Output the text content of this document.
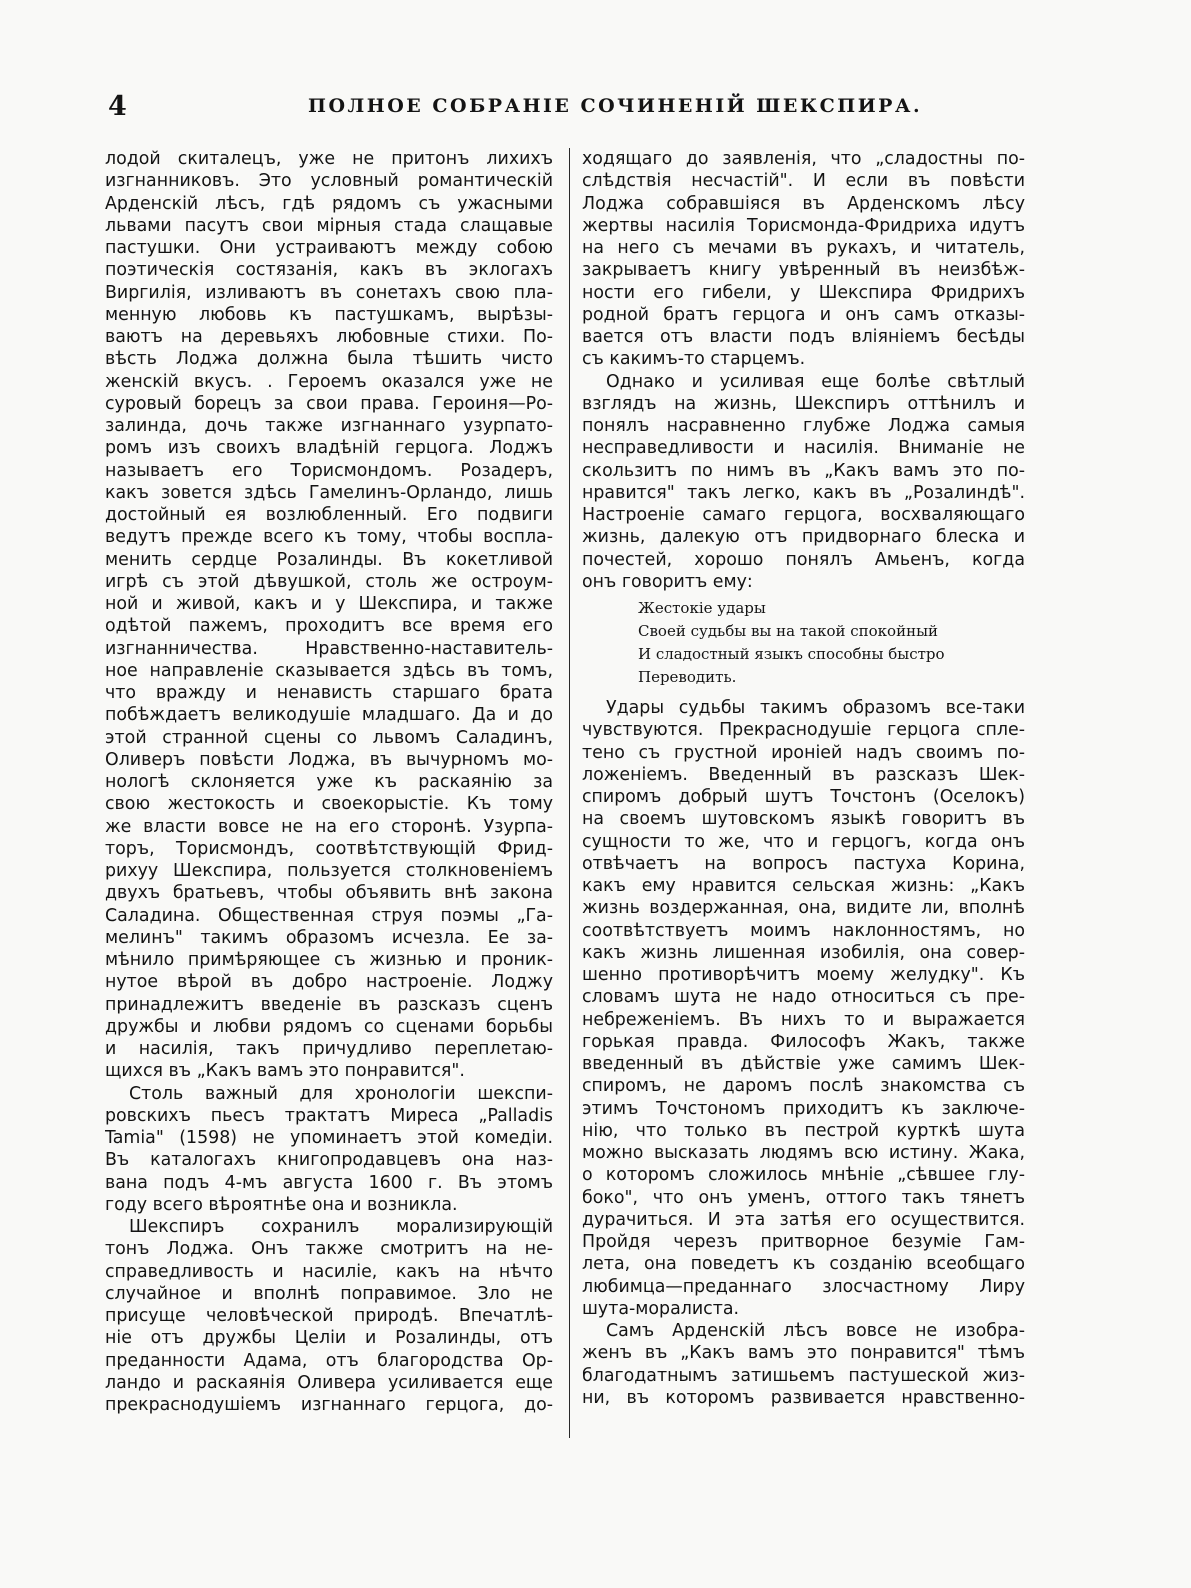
4	ПОЛНОЕ СОБРАНІЕ СОЧИНЕНІЙ ШЕКСПИРА.
лодой скиталецъ, уже не притонъ лихихъ
изгнанниковъ. Это условный романтическій
Арденскій лѣсъ, гдѣ рядомъ съ ужасными
львами пасутъ свои мірныя стада слащавые
пастушки. Они устраиваютъ между собою
поэтическія состязанія, какъ въ эклогахъ
Виргилія, изливаютъ въ сонетахъ свою пла-
менную любовь къ пастушкамъ, вырѣзы-
ваютъ на деревьяхъ любовные стихи. По-
вѣсть Лоджа должна была тѣшить чисто
женскій вкусъ. . Героемъ оказался уже не
суровый борецъ за свои права. Героиня—Ро-
залинда, дочь также изгнаннаго узурпато-
ромъ изъ своихъ владѣній герцога. Лоджъ
называетъ его Торисмондомъ. Розадеръ,
какъ зовется здѣсь Гамелинъ-Орландо, лишь
достойный ея возлюбленный. Его подвиги
ведутъ прежде всего къ тому, чтобы воспла-
менить сердце Розалинды. Въ кокетливой
игрѣ съ этой дѣвушкой, столь же остроум-
ной и живой, какъ и у Шекспира, и также
одѣтой пажемъ, проходитъ все время его
изгнанничества. Нравственно-наставитель-
ное направленіе сказывается здѣсь въ томъ,
что вражду и ненависть старшаго брата
побѣждаетъ великодушіе младшаго. Да и до
этой странной сцены со львомъ Саладинъ,
Оливеръ повѣсти Лоджа, въ вычурномъ мо-
нологѣ склоняется уже къ раскаянію за
свою жестокость и своекорыстіе. Къ тому
же власти вовсе не на его сторонѣ. Узурпа-
торъ, Торисмондъ, соотвѣтствующій Фрид-
рихуу Шекспира, пользуется столкновеніемъ
двухъ братьевъ, чтобы объявить внѣ закона
Саладина. Общественная струя поэмы „Га-
мелинъ" такимъ образомъ исчезла. Ее за-
мѣнило примѣряющее съ жизнью и проник-
нутое вѣрой въ добро настроеніе. Лоджу
принадлежитъ введеніе въ разсказъ сценъ
дружбы и любви рядомъ со сценами борьбы
и насилія, такъ причудливо переплетаю-
щихся въ „Какъ вамъ это понравится".
Столь важный для хронологіи шекспи-
ровскихъ пьесъ трактатъ Миреса „Palladis
Tamia" (1598) не упоминаетъ этой комедіи.
Въ каталогахъ книгопродавцевъ она наз-
вана подъ 4-мъ августа 1600 г. Въ этомъ
году всего вѣроятнѣе она и возникла.
Шекспиръ сохранилъ морализирующій
тонъ Лоджа. Онъ также смотритъ на не-
справедливость и насиліе, какъ на нѣчто
случайное и вполнѣ поправимое. Зло не
присуще человѣческой природѣ. Впечатлѣ-
ніе отъ дружбы Целіи и Розалинды, отъ
преданности Адама, отъ благородства Ор-
ландо и раскаянія Оливера усиливается еще
прекраснодушіемъ изгнаннаго герцога, до-
ходящаго до заявленія, что „сладостны по-
слѣдствія несчастій". И если въ повѣсти
Лоджа собравшіяся въ Арденскомъ лѣсу
жертвы насилія Торисмонда-Фридриха идутъ
на него съ мечами въ рукахъ, и читатель,
закрываетъ книгу увѣренный въ неизбѣж-
ности его гибели, у Шекспира Фридрихъ
родной братъ герцога и онъ самъ отказы-
вается отъ власти подъ вліяніемъ бесѣды
съ какимъ-то старцемъ.
Однако и усиливая еще болѣе свѣтлый
взглядъ на жизнь, Шекспиръ оттѣнилъ и
понялъ насравненно глубже Лоджа самыя
несправедливости и насилія. Вниманіе не
скользитъ по нимъ въ „Какъ вамъ это по-
нравится" такъ легко, какъ въ „Розалиндѣ".
Настроеніе самаго герцога, восхваляющаго
жизнь, далекую отъ придворнаго блеска и
почестей, хорошо понялъ Амьенъ, когда
онъ говоритъ ему:
Жестокіе удары
Своей судьбы вы на такой спокойный
И сладостный языкъ способны быстро
Переводить.
Удары судьбы такимъ образомъ все-таки
чувствуются. Прекраснодушіе герцога спле-
тено съ грустной ироніей надъ своимъ по-
ложеніемъ. Введенный въ разсказъ Шек-
спиромъ добрый шутъ Точстонъ (Оселокъ)
на своемъ шутовскомъ языкѣ говоритъ въ
сущности то же, что и герцогъ, когда онъ
отвѣчаетъ на вопросъ пастуха Корина,
какъ ему нравится сельская жизнь: „Какъ
жизнь воздержанная, она, видите ли, вполнѣ
соотвѣтствуетъ моимъ наклонностямъ, но
какъ жизнь лишенная изобилія, она совер-
шенно противорѣчитъ моему желудку". Къ
словамъ шута не надо относиться съ пре-
небреженіемъ. Въ нихъ то и выражается
горькая правда. Философъ Жакъ, также
введенный въ дѣйствіе уже самимъ Шек-
спиромъ, не даромъ послѣ знакомства съ
этимъ Точстономъ приходитъ къ заключе-
нію, что только въ пестрой курткѣ шута
можно высказать людямъ всю истину. Жака,
о которомъ сложилось мнѣніе „сѣвшее глу-
боко", что онъ уменъ, оттого такъ тянетъ
дурачиться. И эта затѣя его осуществится.
Пройдя черезъ притворное безуміе Гам-
лета, она поведетъ къ созданію всеобщаго
любимца—преданнаго злосчастному Лиру
шута-моралиста.
Самъ Арденскій лѣсъ вовсе не изобра-
женъ въ „Какъ вамъ это понравится" тѣмъ
благодатнымъ затишьемъ пастушеской жиз-
ни, въ которомъ развивается нравственно-
